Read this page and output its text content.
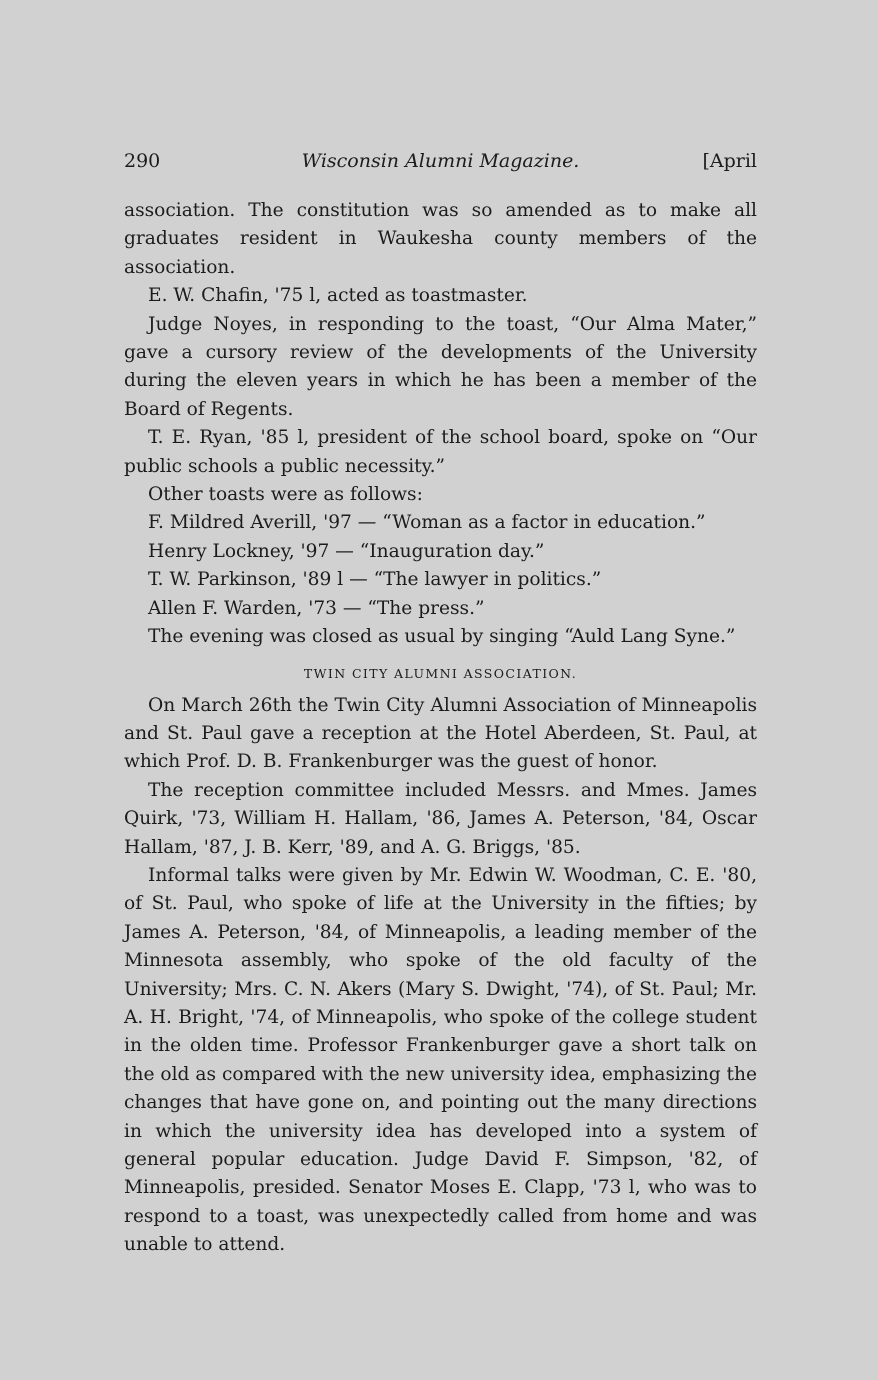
290	Wisconsin Alumni Magazine.	[April

association. The constitution was so amended as to make all graduates resident in Waukesha county members of the association.

E. W. Chafin, '75 l, acted as toastmaster.

Judge Noyes, in responding to the toast, “Our Alma Mater,” gave a cursory review of the developments of the University during the eleven years in which he has been a member of the Board of Regents.

T. E. Ryan, '85 l, president of the school board, spoke on “Our public schools a public necessity.”

Other toasts were as follows:

F. Mildred Averill, '97 — “Woman as a factor in education.”

Henry Lockney, '97 — “Inauguration day.”

T. W. Parkinson, '89 l — “The lawyer in politics.”

Allen F. Warden, '73 — “The press.”

The evening was closed as usual by singing “Auld Lang Syne.”

TWIN CITY ALUMNI ASSOCIATION.

On March 26th the Twin City Alumni Association of Minneapolis and St. Paul gave a reception at the Hotel Aberdeen, St. Paul, at which Prof. D. B. Frankenburger was the guest of honor.

The reception committee included Messrs. and Mmes. James Quirk, '73, William H. Hallam, '86, James A. Peterson, '84, Oscar Hallam, '87, J. B. Kerr, '89, and A. G. Briggs, '85.

Informal talks were given by Mr. Edwin W. Woodman, C. E. '80, of St. Paul, who spoke of life at the University in the fifties; by James A. Peterson, '84, of Minneapolis, a leading member of the Minnesota assembly, who spoke of the old faculty of the University; Mrs. C. N. Akers (Mary S. Dwight, '74), of St. Paul; Mr. A. H. Bright, '74, of Minneapolis, who spoke of the college student in the olden time. Professor Frankenburger gave a short talk on the old as compared with the new university idea, emphasizing the changes that have gone on, and pointing out the many directions in which the university idea has developed into a system of general popular education. Judge David F. Simpson, '82, of Minneapolis, presided. Senator Moses E. Clapp, '73 l, who was to respond to a toast, was unexpectedly called from home and was unable to attend.
